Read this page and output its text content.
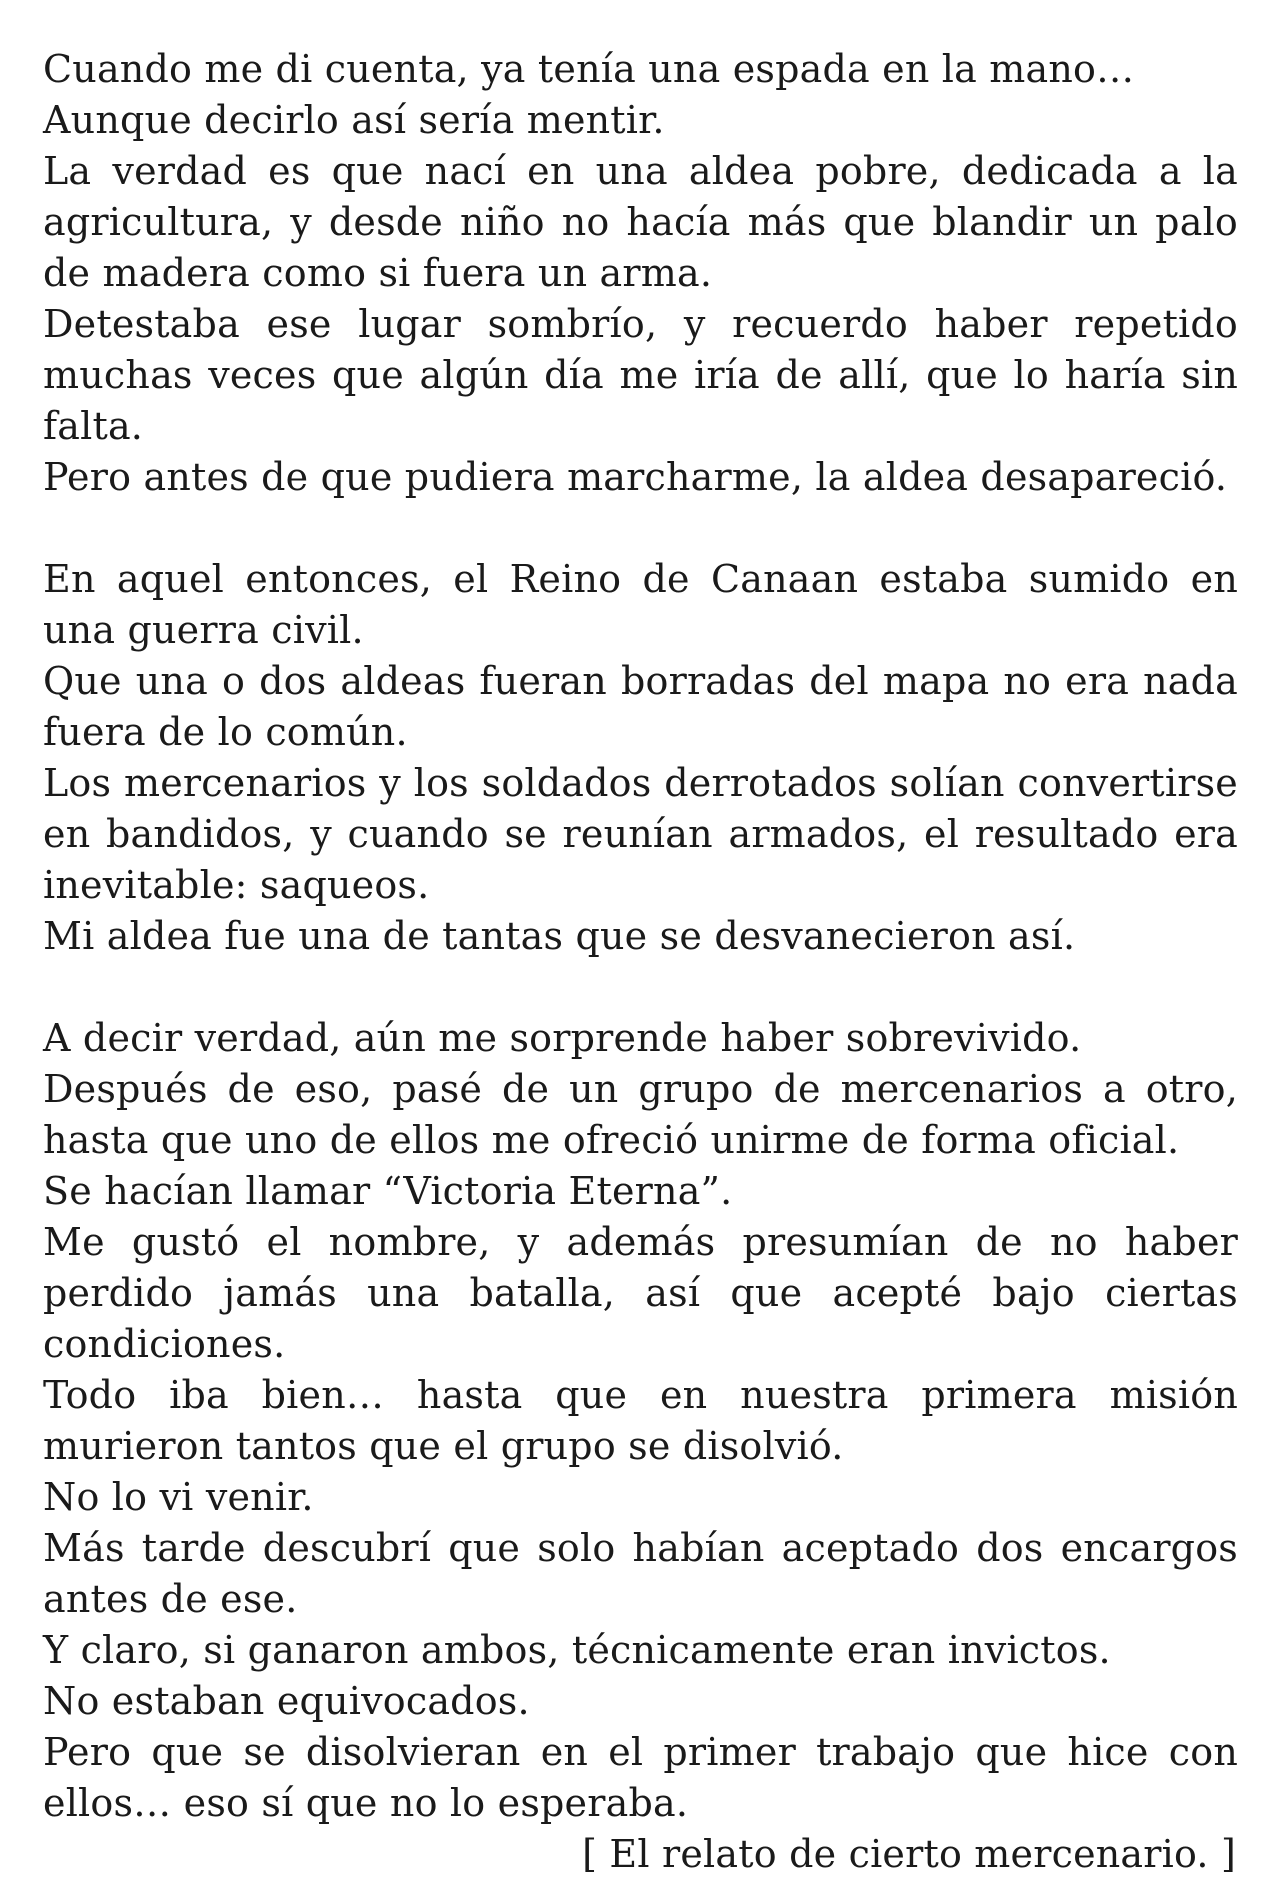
Cuando me di cuenta, ya tenía una espada en la mano…

Aunque decirlo así sería mentir.

La verdad es que nací en una aldea pobre, dedicada a la agricultura, y desde niño no hacía más que blandir un palo de madera como si fuera un arma.

Detestaba ese lugar sombrío, y recuerdo haber repetido muchas veces que algún día me iría de allí, que lo haría sin falta.

Pero antes de que pudiera marcharme, la aldea desapareció.

En aquel entonces, el Reino de Canaan estaba sumido en una guerra civil.

Que una o dos aldeas fueran borradas del mapa no era nada fuera de lo común.

Los mercenarios y los soldados derrotados solían convertirse en bandidos, y cuando se reunían armados, el resultado era inevitable: saqueos.

Mi aldea fue una de tantas que se desvanecieron así.

A decir verdad, aún me sorprende haber sobrevivido.

Después de eso, pasé de un grupo de mercenarios a otro, hasta que uno de ellos me ofreció unirme de forma oficial.

Se hacían llamar “Victoria Eterna”.

Me gustó el nombre, y además presumían de no haber perdido jamás una batalla, así que acepté bajo ciertas condiciones.

Todo iba bien… hasta que en nuestra primera misión murieron tantos que el grupo se disolvió.

No lo vi venir.

Más tarde descubrí que solo habían aceptado dos encargos antes de ese.

Y claro, si ganaron ambos, técnicamente eran invictos.

No estaban equivocados.

Pero que se disolvieran en el primer trabajo que hice con ellos… eso sí que no lo esperaba.

[ El relato de cierto mercenario. ]
